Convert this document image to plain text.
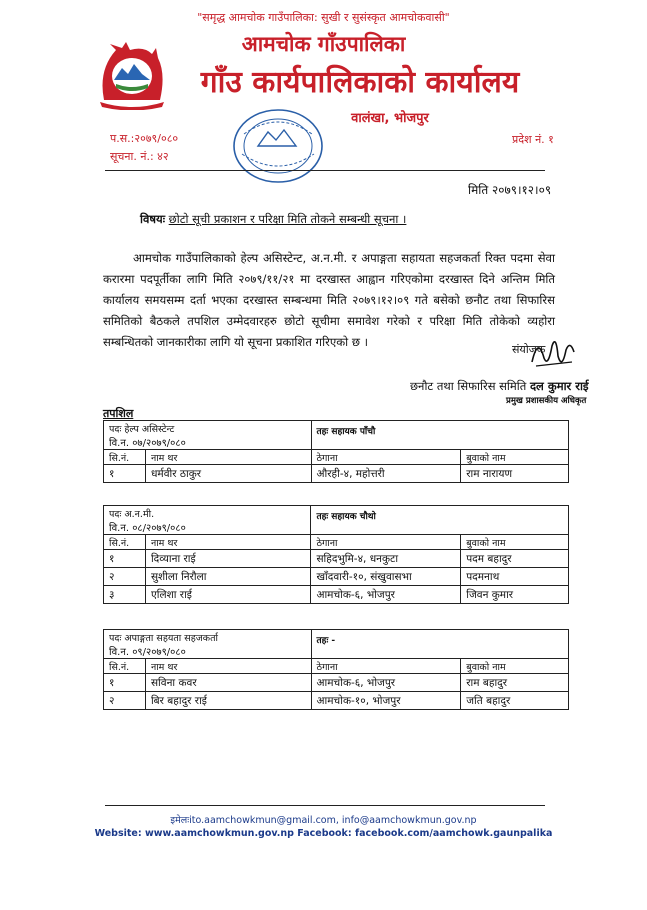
"समृद्ध आमचोक गाउँपालिका: सुखी र सुसंस्कृत आमचोकवासी"
आमचोक गाँउपालिका
गाँउ कार्यपालिकाको कार्यालय
वालंखा, भोजपुर
प.स.:२०७९/०८०
सूचना. नं.: ४२
प्रदेश नं. १
मिति २०७९।१२।०९
विषयः छोटो सूची प्रकाशन र परिक्षा मिति तोकने सम्बन्धी सूचना ।

आमचोक गाउँपालिकाको हेल्प असिस्टेन्ट, अ.न.मी. र अपाङ्गता सहायता सहजकर्ता रिक्त पदमा सेवा करारमा पदपूर्तीका लागि मिति २०७९/११/२१ मा दरखास्त आह्वान गरिएकोमा दरखास्त दिने अन्तिम मिति कार्यालय समयसम्म दर्ता भएका दरखास्त सम्बन्धमा मिति २०७९।१२।०९ गते बसेको छनौट तथा सिफारिस समितिको बैठकले तपशिल उम्मेदवारहरु छोटो सूचीमा समावेश गरेको र परिक्षा मिति तोकेको व्यहोरा सम्बन्धितको जानकारीका लागि यो सूचना प्रकाशित गरिएको छ ।

संयोजक
छनौट तथा सिफारिस समिति दल कुमार राई
प्रमुख प्रशासकीय अधिकृत
तपशिल
पदः हेल्प असिस्टेन्ट		तहः सहायक पाँचौ	
वि.न. ०७/२०७९/०८०			
सि.नं.	नाम थर	ठेगाना	बुवाको नाम
१	धर्मवीर ठाकुर	औरही-४, महोत्तरी	राम नारायण
पदः अ.न.मी.		तहः सहायक चौथो	
वि.न. ०८/२०७९/०८०			
सि.नं.	नाम थर	ठेगाना	बुवाको नाम
१	दिव्याना राई	सहिदभुमि-४, धनकुटा	पदम बहादुर
२	सुशीला निरौला	खाँदवारी-१०, संखुवासभा	पदमनाथ
३	एलिशा राई	आमचोक-६, भोजपुर	जिवन कुमार
पदः अपाङ्गता सहयता सहजकर्ता		तहः -	
वि.न. ०९/२०७९/०८०			
सि.नं.	नाम थर	ठेगाना	बुवाको नाम
१	सविना कवर	आमचोक-६, भोजपुर	राम बहादुर
२	बिर बहादुर राई	आमचोक-१०, भोजपुर	जति बहादुर
इमेलःito.aamchowkmun@gmail.com, info@aamchowkmun.gov.np
Website: www.aamchowkmun.gov.np Facebook: facebook.com/aamchowk.gaunpalika
